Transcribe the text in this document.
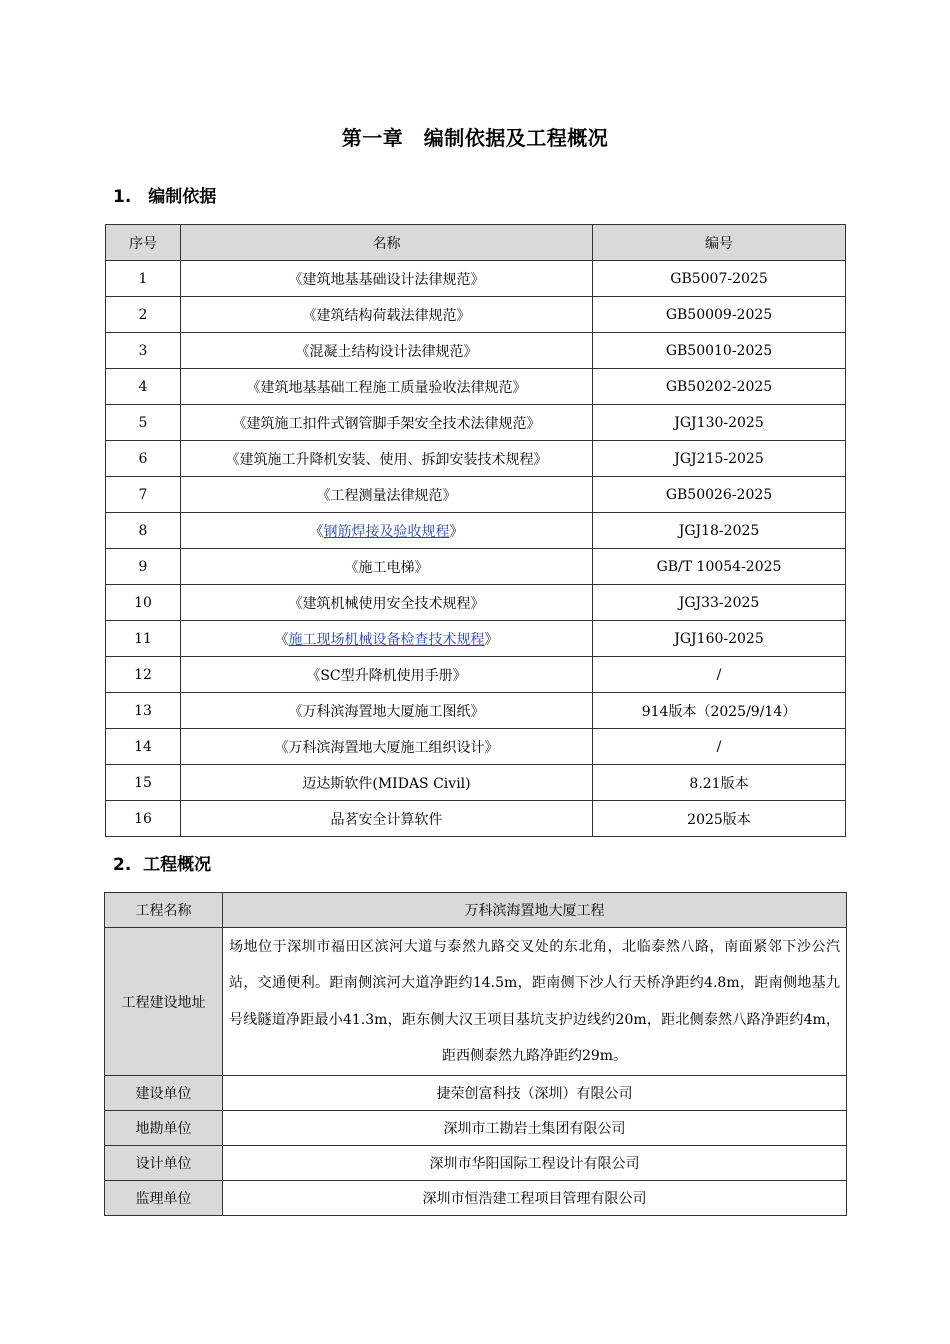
第一章　编制依据及工程概况
1.　编制依据
序号	名称	编号
1	《建筑地基基础设计法律规范》	GB5007-2025
2	《建筑结构荷载法律规范》	GB50009-2025
3	《混凝土结构设计法律规范》	GB50010-2025
4	《建筑地基基础工程施工质量验收法律规范》	GB50202-2025
5	《建筑施工扣件式钢管脚手架安全技术法律规范》	JGJ130-2025
6	《建筑施工升降机安装、使用、拆卸安装技术规程》	JGJ215-2025
7	《工程测量法律规范》	GB50026-2025
8	《钢筋焊接及验收规程》	JGJ18-2025
9	《施工电梯》	GB/T 10054-2025
10	《建筑机械使用安全技术规程》	JGJ33-2025
11	《施工现场机械设备检查技术规程》	JGJ160-2025
12	《SC型升降机使用手册》	/
13	《万科滨海置地大厦施工图纸》	914版本（2025/9/14）
14	《万科滨海置地大厦施工组织设计》	/
15	迈达斯软件(MIDAS Civil)	8.21版本
16	品茗安全计算软件	2025版本
2.  工程概况
工程名称	万科滨海置地大厦工程
工程建设地址	场地位于深圳市福田区滨河大道与泰然九路交叉处的东北角，北临泰然八路，南面紧邻下沙公汽站，交通便利。距南侧滨河大道净距约14.5m，距南侧下沙人行天桥净距约4.8m，距南侧地基九号线隧道净距最小41.3m，距东侧大汉王项目基坑支护边线约20m，距北侧泰然八路净距约4m，距西侧泰然九路净距约29m。
建设单位	捷荣创富科技（深圳）有限公司
地勘单位	深圳市工勘岩土集团有限公司
设计单位	深圳市华阳国际工程设计有限公司
监理单位	深圳市恒浩建工程项目管理有限公司
